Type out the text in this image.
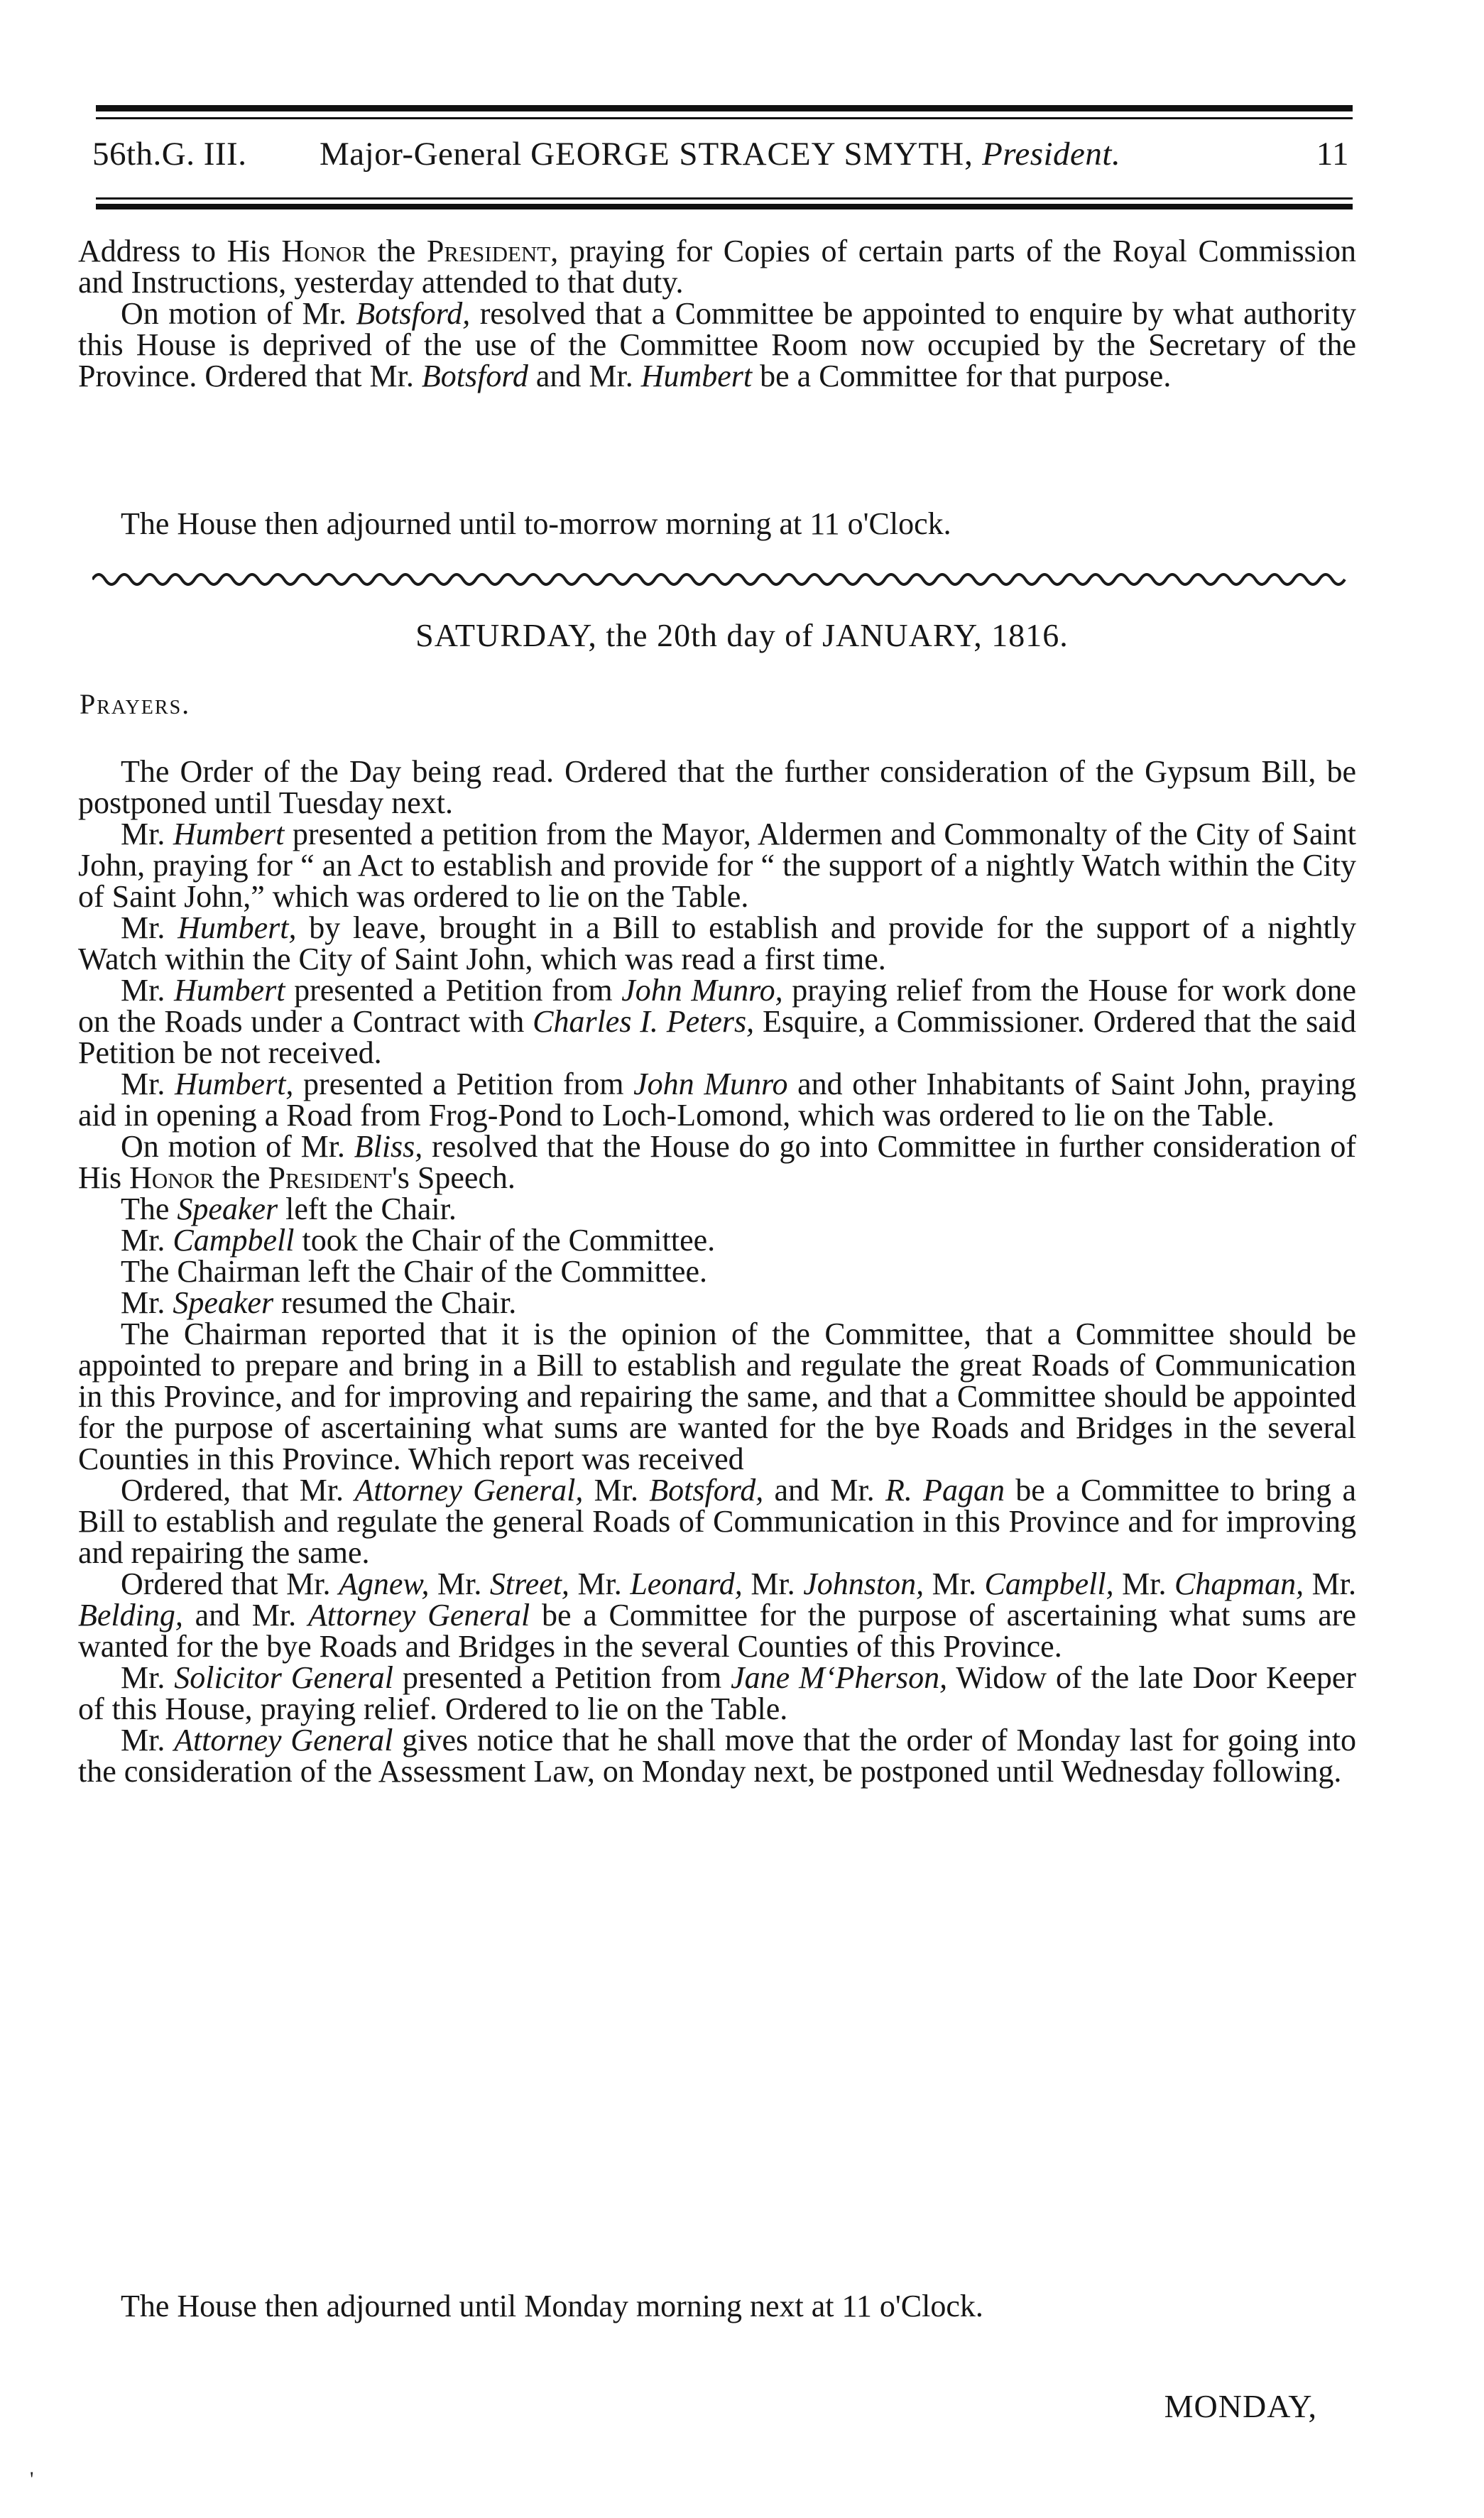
56th.G. III. Major-General GEORGE STRACEY SMYTH, President.	11

Address to His Honor the President, praying for Copies of certain parts of the Royal Commission and Instructions, yesterday attended to that duty.

On motion of Mr. Botsford, resolved that a Committee be appointed to enquire by what authority this House is deprived of the use of the Committee Room now occupied by the Secretary of the Province. Ordered that Mr. Botsford and Mr. Humbert be a Committee for that purpose.

The House then adjourned until to-morrow morning at 11 o'Clock.
SATURDAY, the 20th day of JANUARY, 1816.
Prayers.

The Order of the Day being read. Ordered that the further consideration of the Gypsum Bill, be postponed until Tuesday next.

Mr. Humbert presented a petition from the Mayor, Aldermen and Commonalty of the City of Saint John, praying for “ an Act to establish and provide for “ the support of a nightly Watch within the City of Saint John,” which was ordered to lie on the Table.

Mr. Humbert, by leave, brought in a Bill to establish and provide for the support of a nightly Watch within the City of Saint John, which was read a first time.

Mr. Humbert presented a Petition from John Munro, praying relief from the House for work done on the Roads under a Contract with Charles I. Peters, Esquire, a Commissioner. Ordered that the said Petition be not received.

Mr. Humbert, presented a Petition from John Munro and other Inhabitants of Saint John, praying aid in opening a Road from Frog-Pond to Loch-Lomond, which was ordered to lie on the Table.

On motion of Mr. Bliss, resolved that the House do go into Committee in further consideration of His Honor the President's Speech.

The Speaker left the Chair.

Mr. Campbell took the Chair of the Committee.

The Chairman left the Chair of the Committee.

Mr. Speaker resumed the Chair.

The Chairman reported that it is the opinion of the Committee, that a Committee should be appointed to prepare and bring in a Bill to establish and regulate the great Roads of Communication in this Province, and for improving and repairing the same, and that a Committee should be appointed for the purpose of ascertaining what sums are wanted for the bye Roads and Bridges in the several Counties in this Province. Which report was received

Ordered, that Mr. Attorney General, Mr. Botsford, and Mr. R. Pagan be a Committee to bring a Bill to establish and regulate the general Roads of Communication in this Province and for improving and repairing the same.

Ordered that Mr. Agnew, Mr. Street, Mr. Leonard, Mr. Johnston, Mr. Campbell, Mr. Chapman, Mr. Belding, and Mr. Attorney General be a Committee for the purpose of ascertaining what sums are wanted for the bye Roads and Bridges in the several Counties of this Province.

Mr. Solicitor General presented a Petition from Jane M‘Pherson, Widow of the late Door Keeper of this House, praying relief. Ordered to lie on the Table.

Mr. Attorney General gives notice that he shall move that the order of Monday last for going into the consideration of the Assessment Law, on Monday next, be postponed until Wednesday following.

The House then adjourned until Monday morning next at 11 o'Clock.
MONDAY,
'
